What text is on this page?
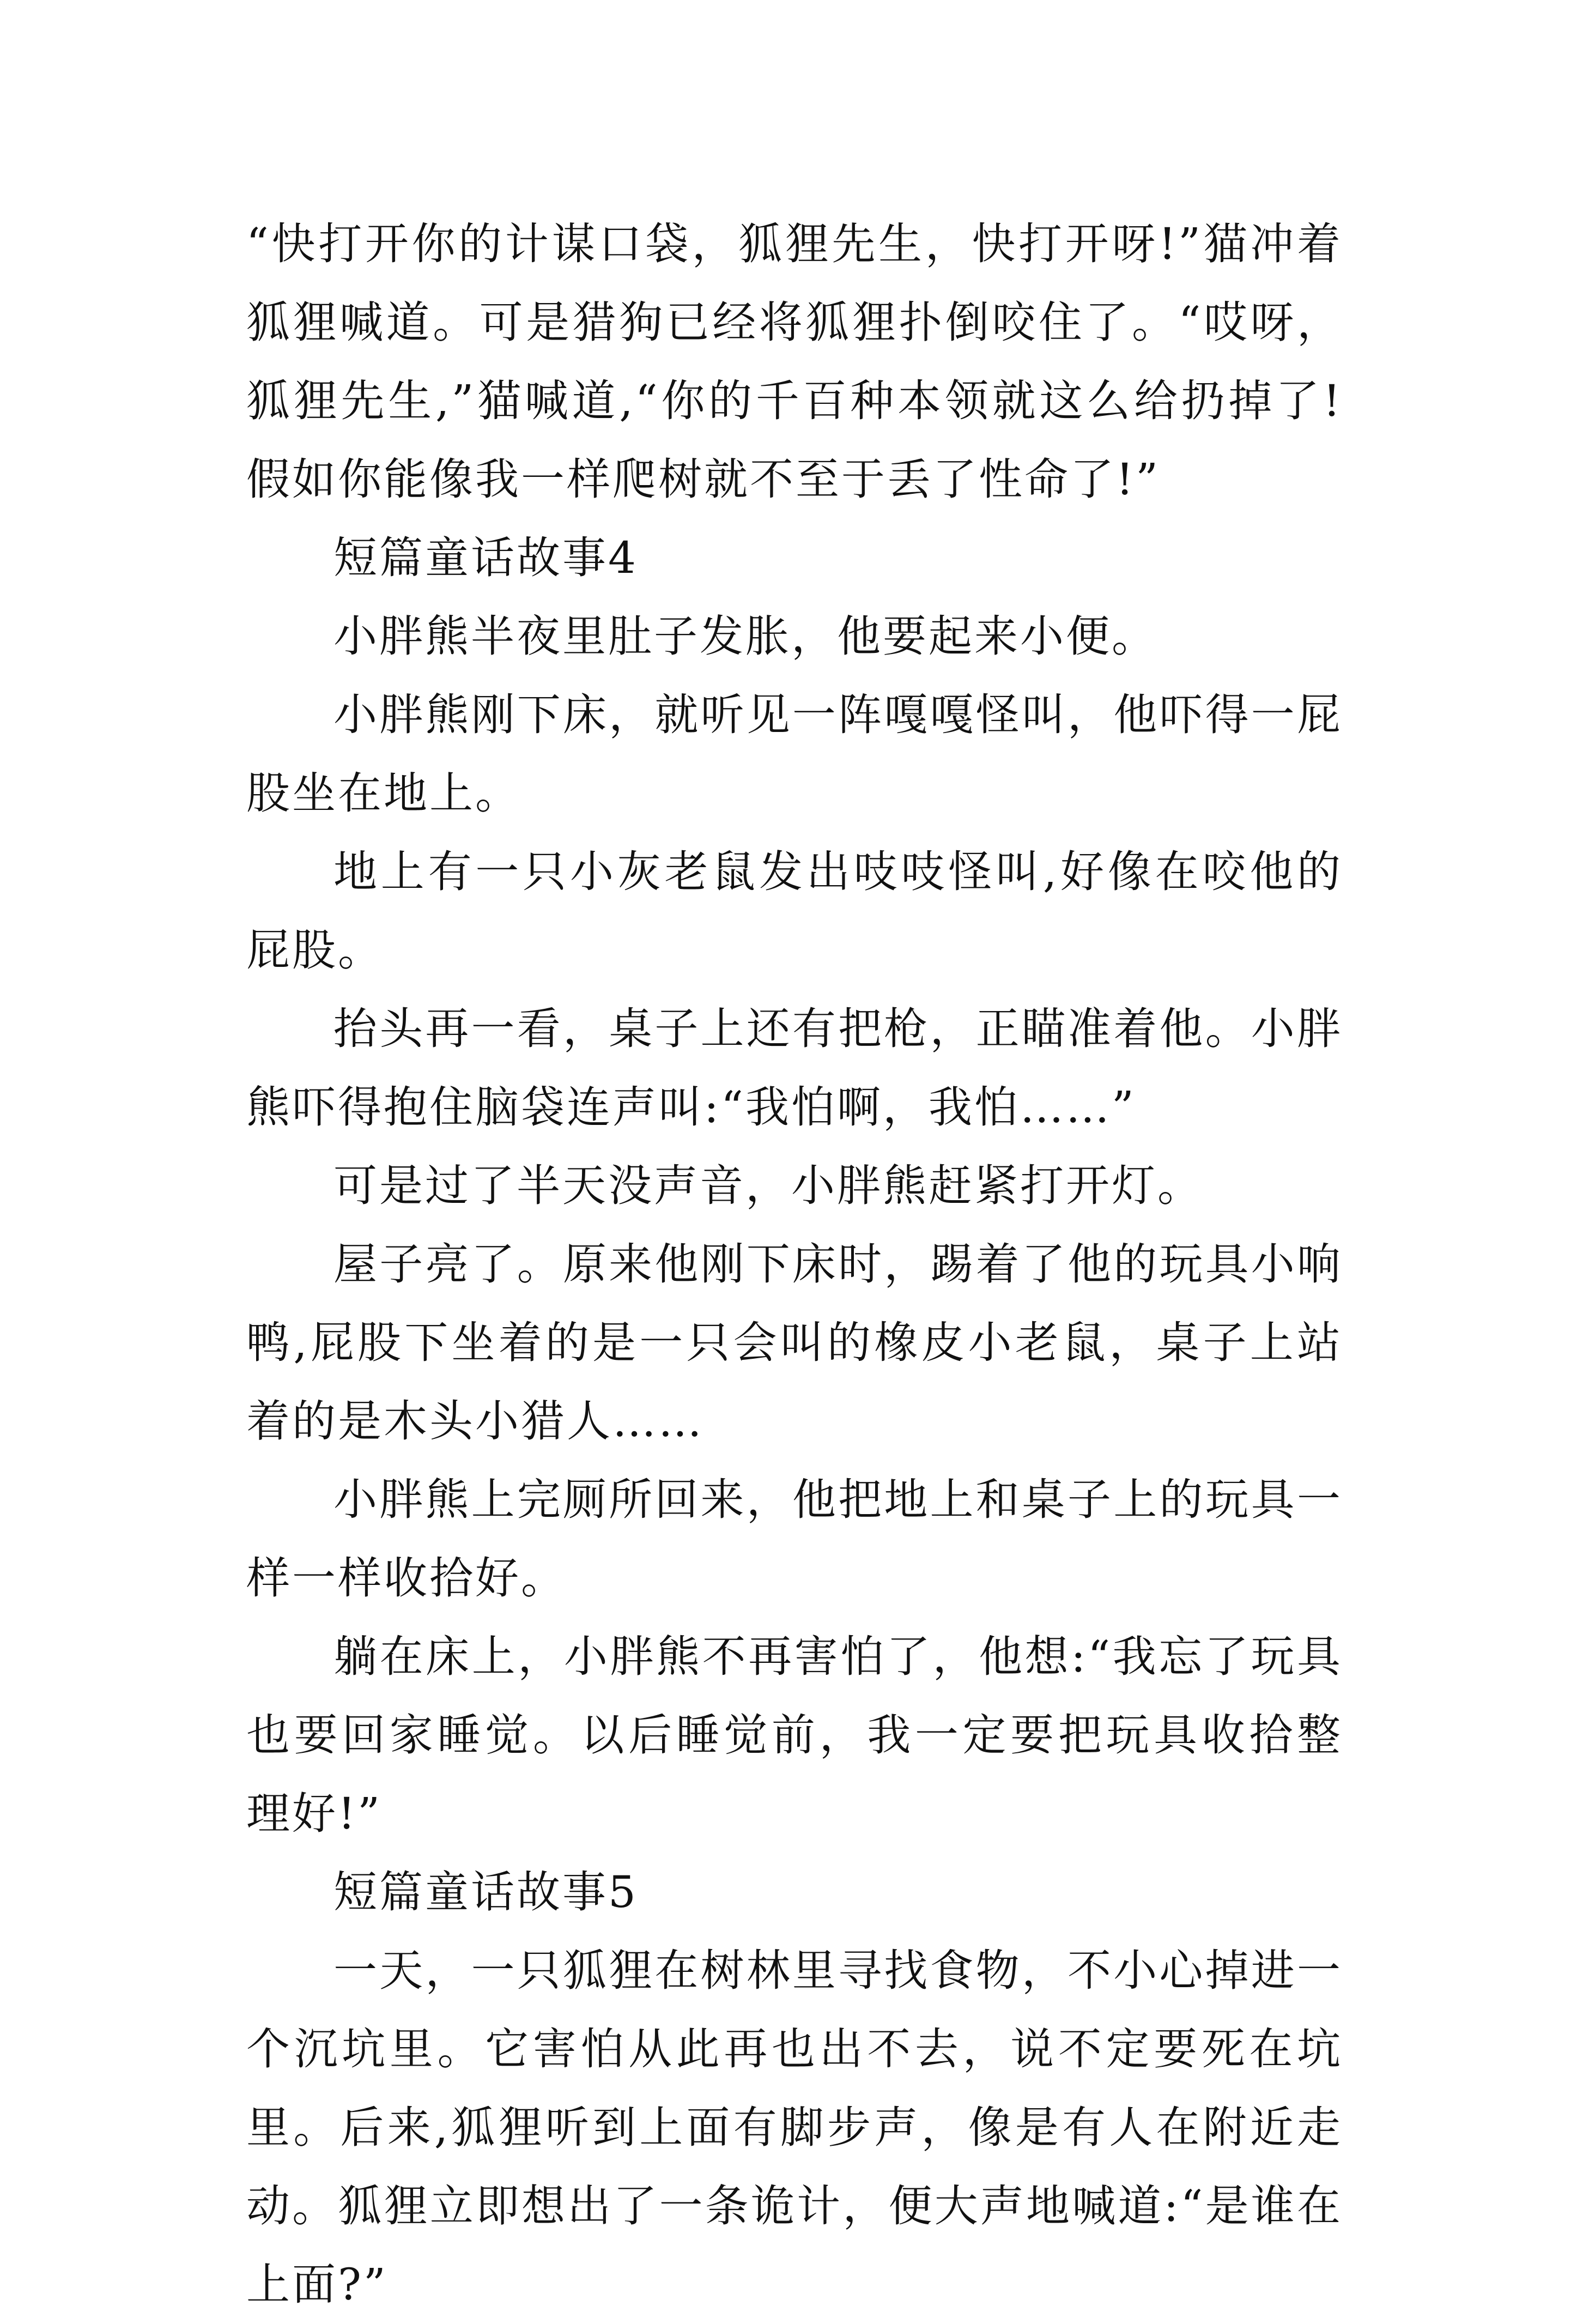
“快打开你的计谋口袋，狐狸先生，快打开呀!”猫冲着狐狸喊道。可是猎狗已经将狐狸扑倒咬住了。“哎呀，狐狸先生,”猫喊道,“你的千百种本领就这么给扔掉了!假如你能像我一样爬树就不至于丢了性命了!”

短篇童话故事4

小胖熊半夜里肚子发胀，他要起来小便。

小胖熊刚下床，就听见一阵嘎嘎怪叫，他吓得一屁股坐在地上。

地上有一只小灰老鼠发出吱吱怪叫,好像在咬他的屁股。

抬头再一看，桌子上还有把枪，正瞄准着他。小胖熊吓得抱住脑袋连声叫:“我怕啊，我怕……”

可是过了半天没声音，小胖熊赶紧打开灯。

屋子亮了。原来他刚下床时，踢着了他的玩具小响鸭,屁股下坐着的是一只会叫的橡皮小老鼠，桌子上站着的是木头小猎人……

小胖熊上完厕所回来，他把地上和桌子上的玩具一样一样收拾好。

躺在床上，小胖熊不再害怕了，他想:“我忘了玩具也要回家睡觉。以后睡觉前，我一定要把玩具收拾整理好!”

短篇童话故事5

一天，一只狐狸在树林里寻找食物，不小心掉进一个沉坑里。它害怕从此再也出不去，说不定要死在坑里。后来,狐狸听到上面有脚步声，像是有人在附近走动。狐狸立即想出了一条诡计，便大声地喊道:“是谁在上面?”
